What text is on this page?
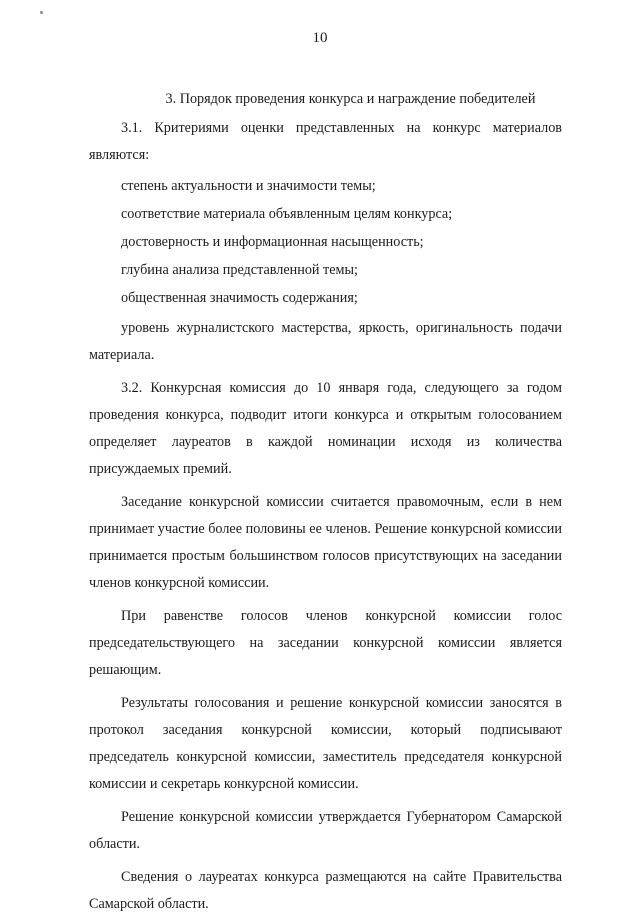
10
3. Порядок проведения конкурса и награждение победителей

3.1. Критериями оценки представленных на конкурс материалов являются:

степень актуальности и значимости темы;

соответствие материала объявленным целям конкурса;

достоверность и информационная насыщенность;

глубина анализа представленной темы;

общественная значимость содержания;

уровень журналистского мастерства, яркость, оригинальность подачи материала.

3.2. Конкурсная комиссия до 10 января года, следующего за годом проведения конкурса, подводит итоги конкурса и открытым голосованием определяет лауреатов в каждой номинации исходя из количества присуждаемых премий.

Заседание конкурсной комиссии считается правомочным, если в нем принимает участие более половины ее членов. Решение конкурсной комиссии принимается простым большинством голосов присутствующих на заседании членов конкурсной комиссии.

При равенстве голосов членов конкурсной комиссии голос председательствующего на заседании конкурсной комиссии является решающим.

Результаты голосования и решение конкурсной комиссии заносятся в протокол заседания конкурсной комиссии, который подписывают председатель конкурсной комиссии, заместитель председателя конкурсной комиссии и секретарь конкурсной комиссии.

Решение конкурсной комиссии утверждается Губернатором Самарской области.

Сведения о лауреатах конкурса размещаются на сайте Правительства Самарской области.
